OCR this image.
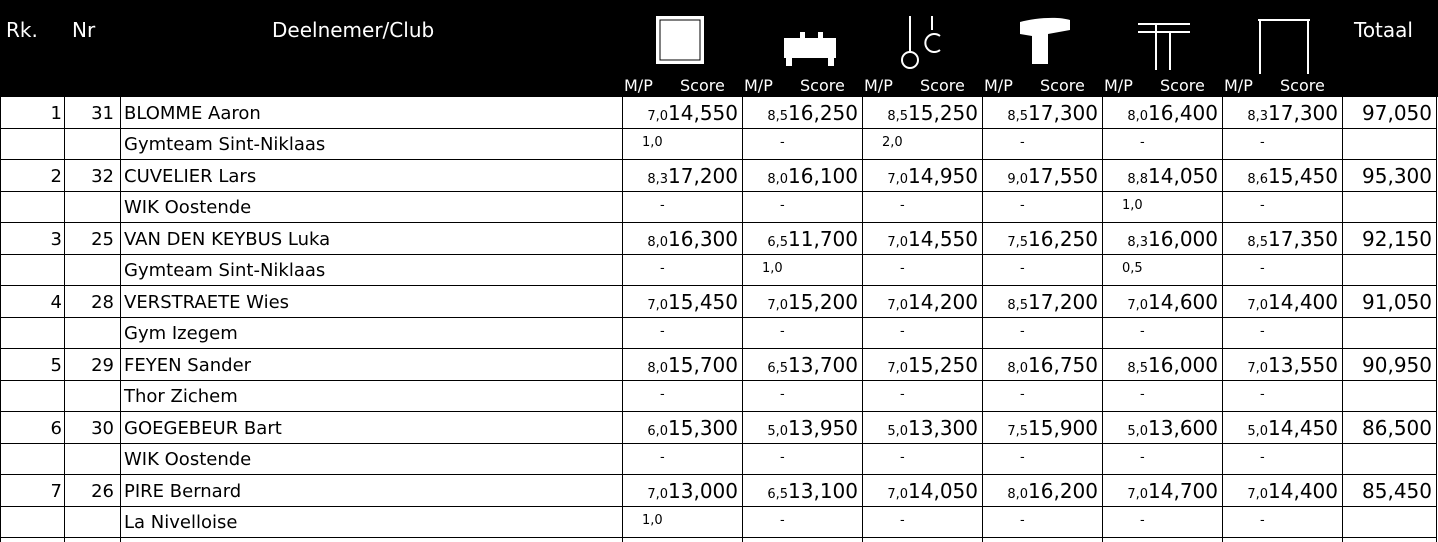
Rk. Nr	Deelnemer/Club	Totaal
M/P Score M/P Score M/P Score M/P Score M/P Score M/P Score
1 31 BLOMME Aaron
Gymteam Sint-Niklaas
7,014,550
1,0
8,516,250
-
8,515,250
2,0
8,517,300
-
8,016,400
-
8,317,300
-
97,050
2 32 CUVELIER Lars
WIK Oostende
8,317,200
-
8,016,100
-
7,014,950
-
9,017,550
-
8,814,050
1,0
8,615,450
-
95,300
3 25 VAN DEN KEYBUS Luka
Gymteam Sint-Niklaas
8,016,300
-
6,511,700
1,0
7,014,550
-
7,516,250
-
8,316,000
0,5
8,517,350
-
92,150
4 28 VERSTRAETE Wies
Gym Izegem
7,015,450
-
7,015,200
-
7,014,200
-
8,517,200
-
7,014,600
-
7,014,400
-
91,050
5 29 FEYEN Sander
Thor Zichem
8,015,700
-
6,513,700
-
7,015,250
-
8,016,750
-
8,516,000
-
7,013,550
-
90,950
6 30 GOEGEBEUR Bart
WIK Oostende
6,015,300
-
5,013,950
-
5,013,300
-
7,515,900
-
5,013,600
-
5,014,450
-
86,500
7 26 PIRE Bernard
La Nivelloise
7,013,000
1,0
6,513,100
-
7,014,050
-
8,016,200
-
7,014,700
-
7,014,400
-
85,450
